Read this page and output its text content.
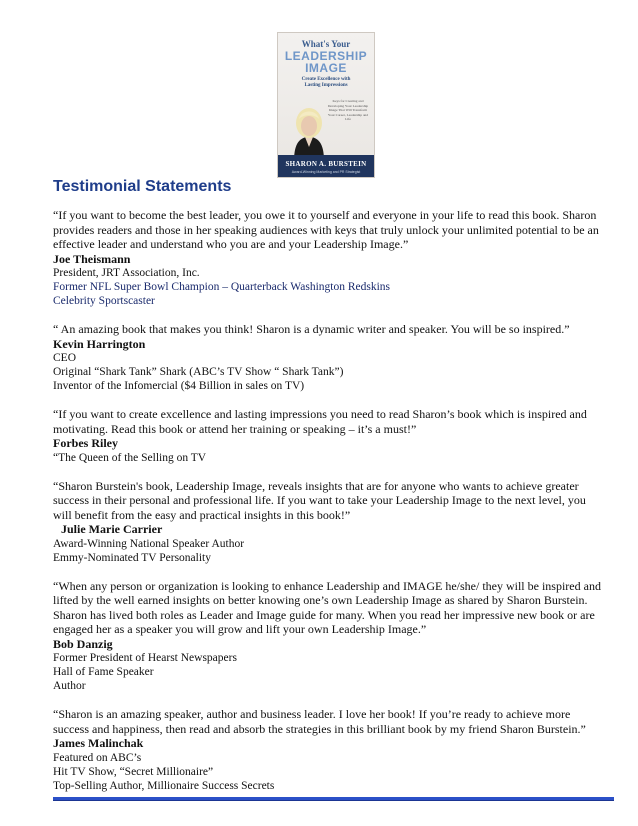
What's Your
LEADERSHIP
IMAGE
Create Excellence with
Lasting Impressions
Keys for Creating and Developing Your Leadership Image That Will Transform Your Career, Leadership and Life
SHARON A. BURSTEIN
Award-Winning Marketing and PR Strategist
Testimonial Statements

“If you want to become the best leader, you owe it to yourself and everyone in your life to read this book. Sharon provides readers and those in her speaking audiences with keys that truly unlock your unlimited potential to be an effective leader and understand who you are and your Leadership Image.”

Joe Theismann
President, JRT Association, Inc.
Former NFL Super Bowl Champion – Quarterback Washington Redskins
Celebrity Sportscaster

“ An amazing book that makes you think! Sharon is a dynamic writer and speaker. You will be so inspired.”

Kevin Harrington
CEO
Original “Shark Tank” Shark (ABC’s TV Show “ Shark Tank”)
Inventor of the Infomercial ($4 Billion in sales on TV)

“If you want to create excellence and lasting impressions you need to read Sharon’s book which is inspired and motivating. Read this book or attend her training or speaking – it’s a must!”

Forbes Riley
“The Queen of the Selling on TV

“Sharon Burstein's book, Leadership Image, reveals insights that are for anyone who wants to achieve greater success in their personal and professional life. If you want to take your Leadership Image to the next level, you will benefit from the easy and practical insights in this book!”

Julie Marie Carrier
Award-Winning National Speaker Author
Emmy-Nominated TV Personality

“When any person or organization is looking to enhance Leadership and IMAGE he/she/ they will be inspired and lifted by the well earned insights on better knowing one’s own Leadership Image as shared by Sharon Burstein. Sharon has lived both roles as Leader and Image guide for many. When you read her impressive new book or are engaged her as a speaker you will grow and lift your own Leadership Image.”

Bob Danzig
Former President of Hearst Newspapers
Hall of Fame Speaker
Author

“Sharon is an amazing speaker, author and business leader. I love her book! If you’re ready to achieve more success and happiness, then read and absorb the strategies in this brilliant book by my friend Sharon Burstein.”

James Malinchak
Featured on ABC’s
Hit TV Show, “Secret Millionaire”
Top-Selling Author, Millionaire Success Secrets
